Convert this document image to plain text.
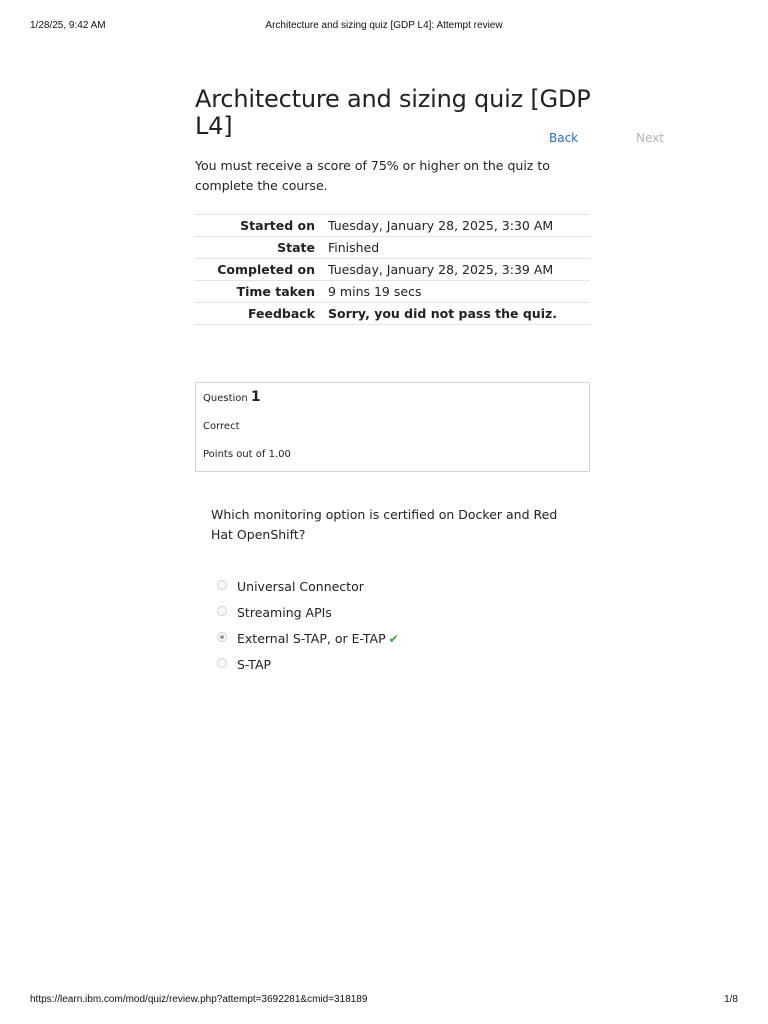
1/28/25, 9:42 AM	Architecture and sizing quiz [GDP L4]: Attempt review
Architecture and sizing quiz [GDP L4]	Back	Next

You must receive a score of 75% or higher on the quiz to complete the course.

Started on	Tuesday, January 28, 2025, 3:30 AM
State	Finished
Completed on	Tuesday, January 28, 2025, 3:39 AM
Time taken	9 mins 19 secs
Feedback	Sorry, you did not pass the quiz.
Question 1
Correct
Points out of 1.00

Which monitoring option is certified on Docker and Red Hat OpenShift?

Universal Connector
Streaming APIs
External S-TAP, or E-TAP ✔
S-TAP
https://learn.ibm.com/mod/quiz/review.php?attempt=3692281&cmid=318189	1/8
